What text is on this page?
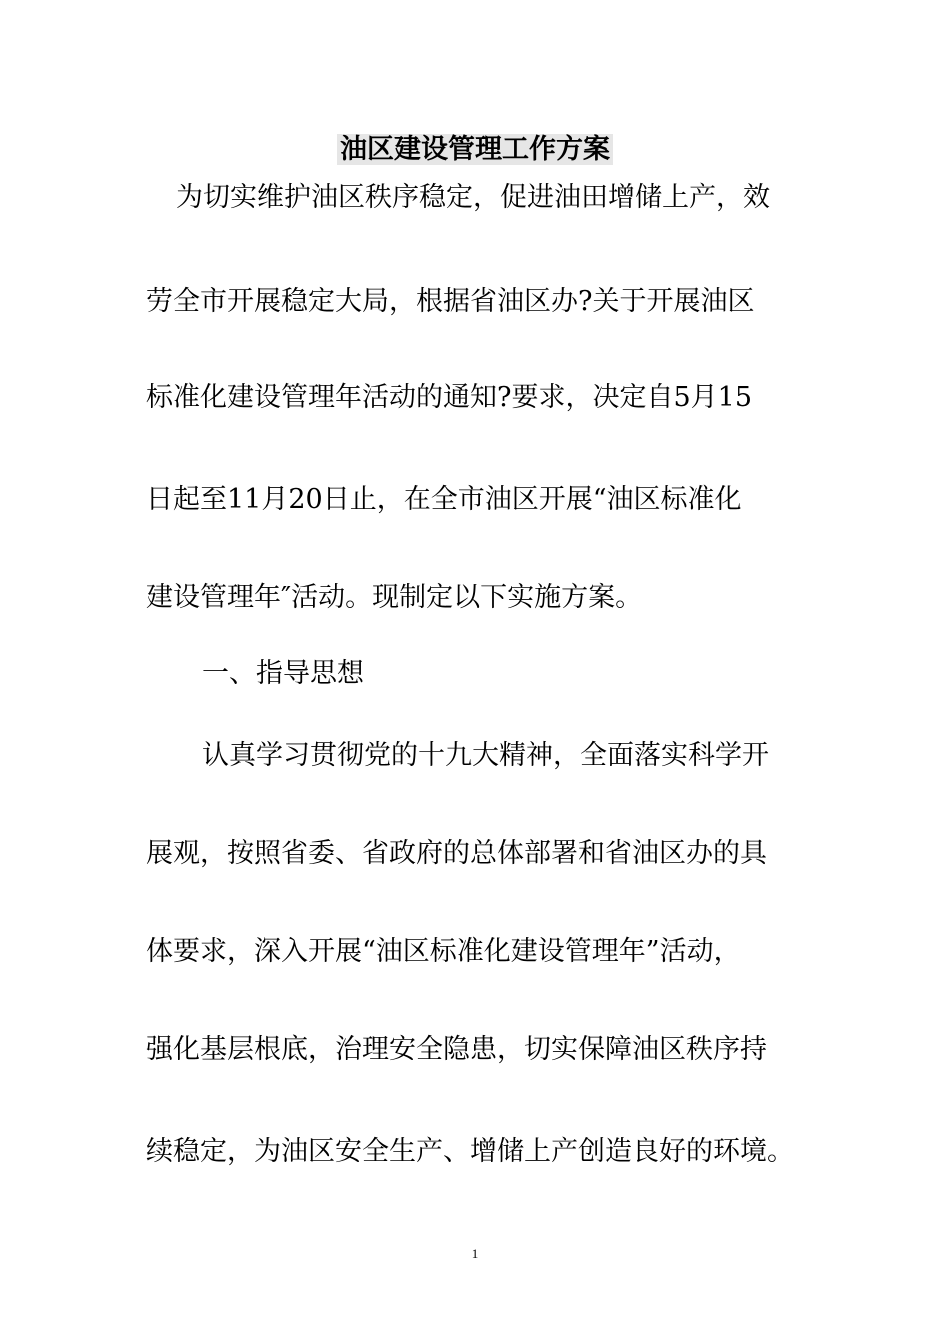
油区建设管理工作方案
为切实维护油区秩序稳定，促进油田增储上产，效
劳全市开展稳定大局，根据省油区办?关于开展油区
标准化建设管理年活动的通知?要求，决定自5月15
日起至11月20日止，在全市油区开展“油区标准化
建设管理年″活动。现制定以下实施方案。
一、指导思想
认真学习贯彻党的十九大精神，全面落实科学开
展观，按照省委、省政府的总体部署和省油区办的具
体要求，深入开展“油区标准化建设管理年”活动，
强化基层根底，治理安全隐患，切实保障油区秩序持
续稳定，为油区安全生产、增储上产创造良好的环境。
1
